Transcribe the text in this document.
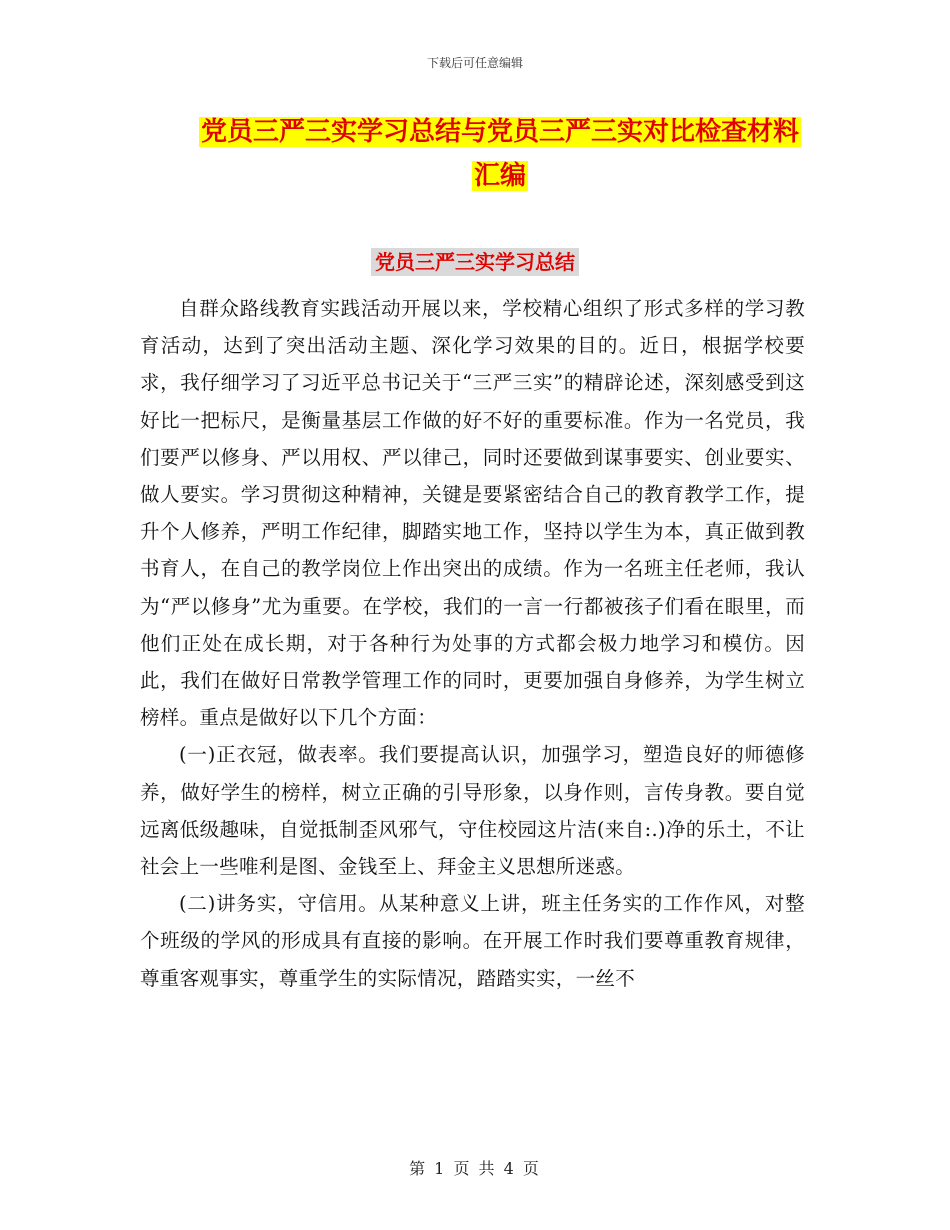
下载后可任意编辑
党员三严三实学习总结与党员三严三实对比检查材料
汇编
党员三严三实学习总结

自群众路线教育实践活动开展以来，学校精心组织了形式多样的学习教育活动，达到了突出活动主题、深化学习效果的目的。近日，根据学校要求，我仔细学习了习近平总书记关于“三严三实”的精辟论述，深刻感受到这好比一把标尺，是衡量基层工作做的好不好的重要标准。作为一名党员，我们要严以修身、严以用权、严以律己，同时还要做到谋事要实、创业要实、做人要实。学习贯彻这种精神，关键是要紧密结合自己的教育教学工作，提升个人修养，严明工作纪律，脚踏实地工作，坚持以学生为本，真正做到教书育人，在自己的教学岗位上作出突出的成绩。作为一名班主任老师，我认为“严以修身”尤为重要。在学校，我们的一言一行都被孩子们看在眼里，而他们正处在成长期，对于各种行为处事的方式都会极力地学习和模仿。因此，我们在做好日常教学管理工作的同时，更要加强自身修养，为学生树立榜样。重点是做好以下几个方面：

(一)正衣冠，做表率。我们要提高认识，加强学习，塑造良好的师德修养，做好学生的榜样，树立正确的引导形象，以身作则，言传身教。要自觉远离低级趣味，自觉抵制歪风邪气，守住校园这片洁(来自:.)净的乐土，不让社会上一些唯利是图、金钱至上、拜金主义思想所迷惑。

(二)讲务实，守信用。从某种意义上讲，班主任务实的工作作风，对整个班级的学风的形成具有直接的影响。在开展工作时我们要尊重教育规律，尊重客观事实，尊重学生的实际情况，踏踏实实，一丝不

第 1 页 共 4 页
